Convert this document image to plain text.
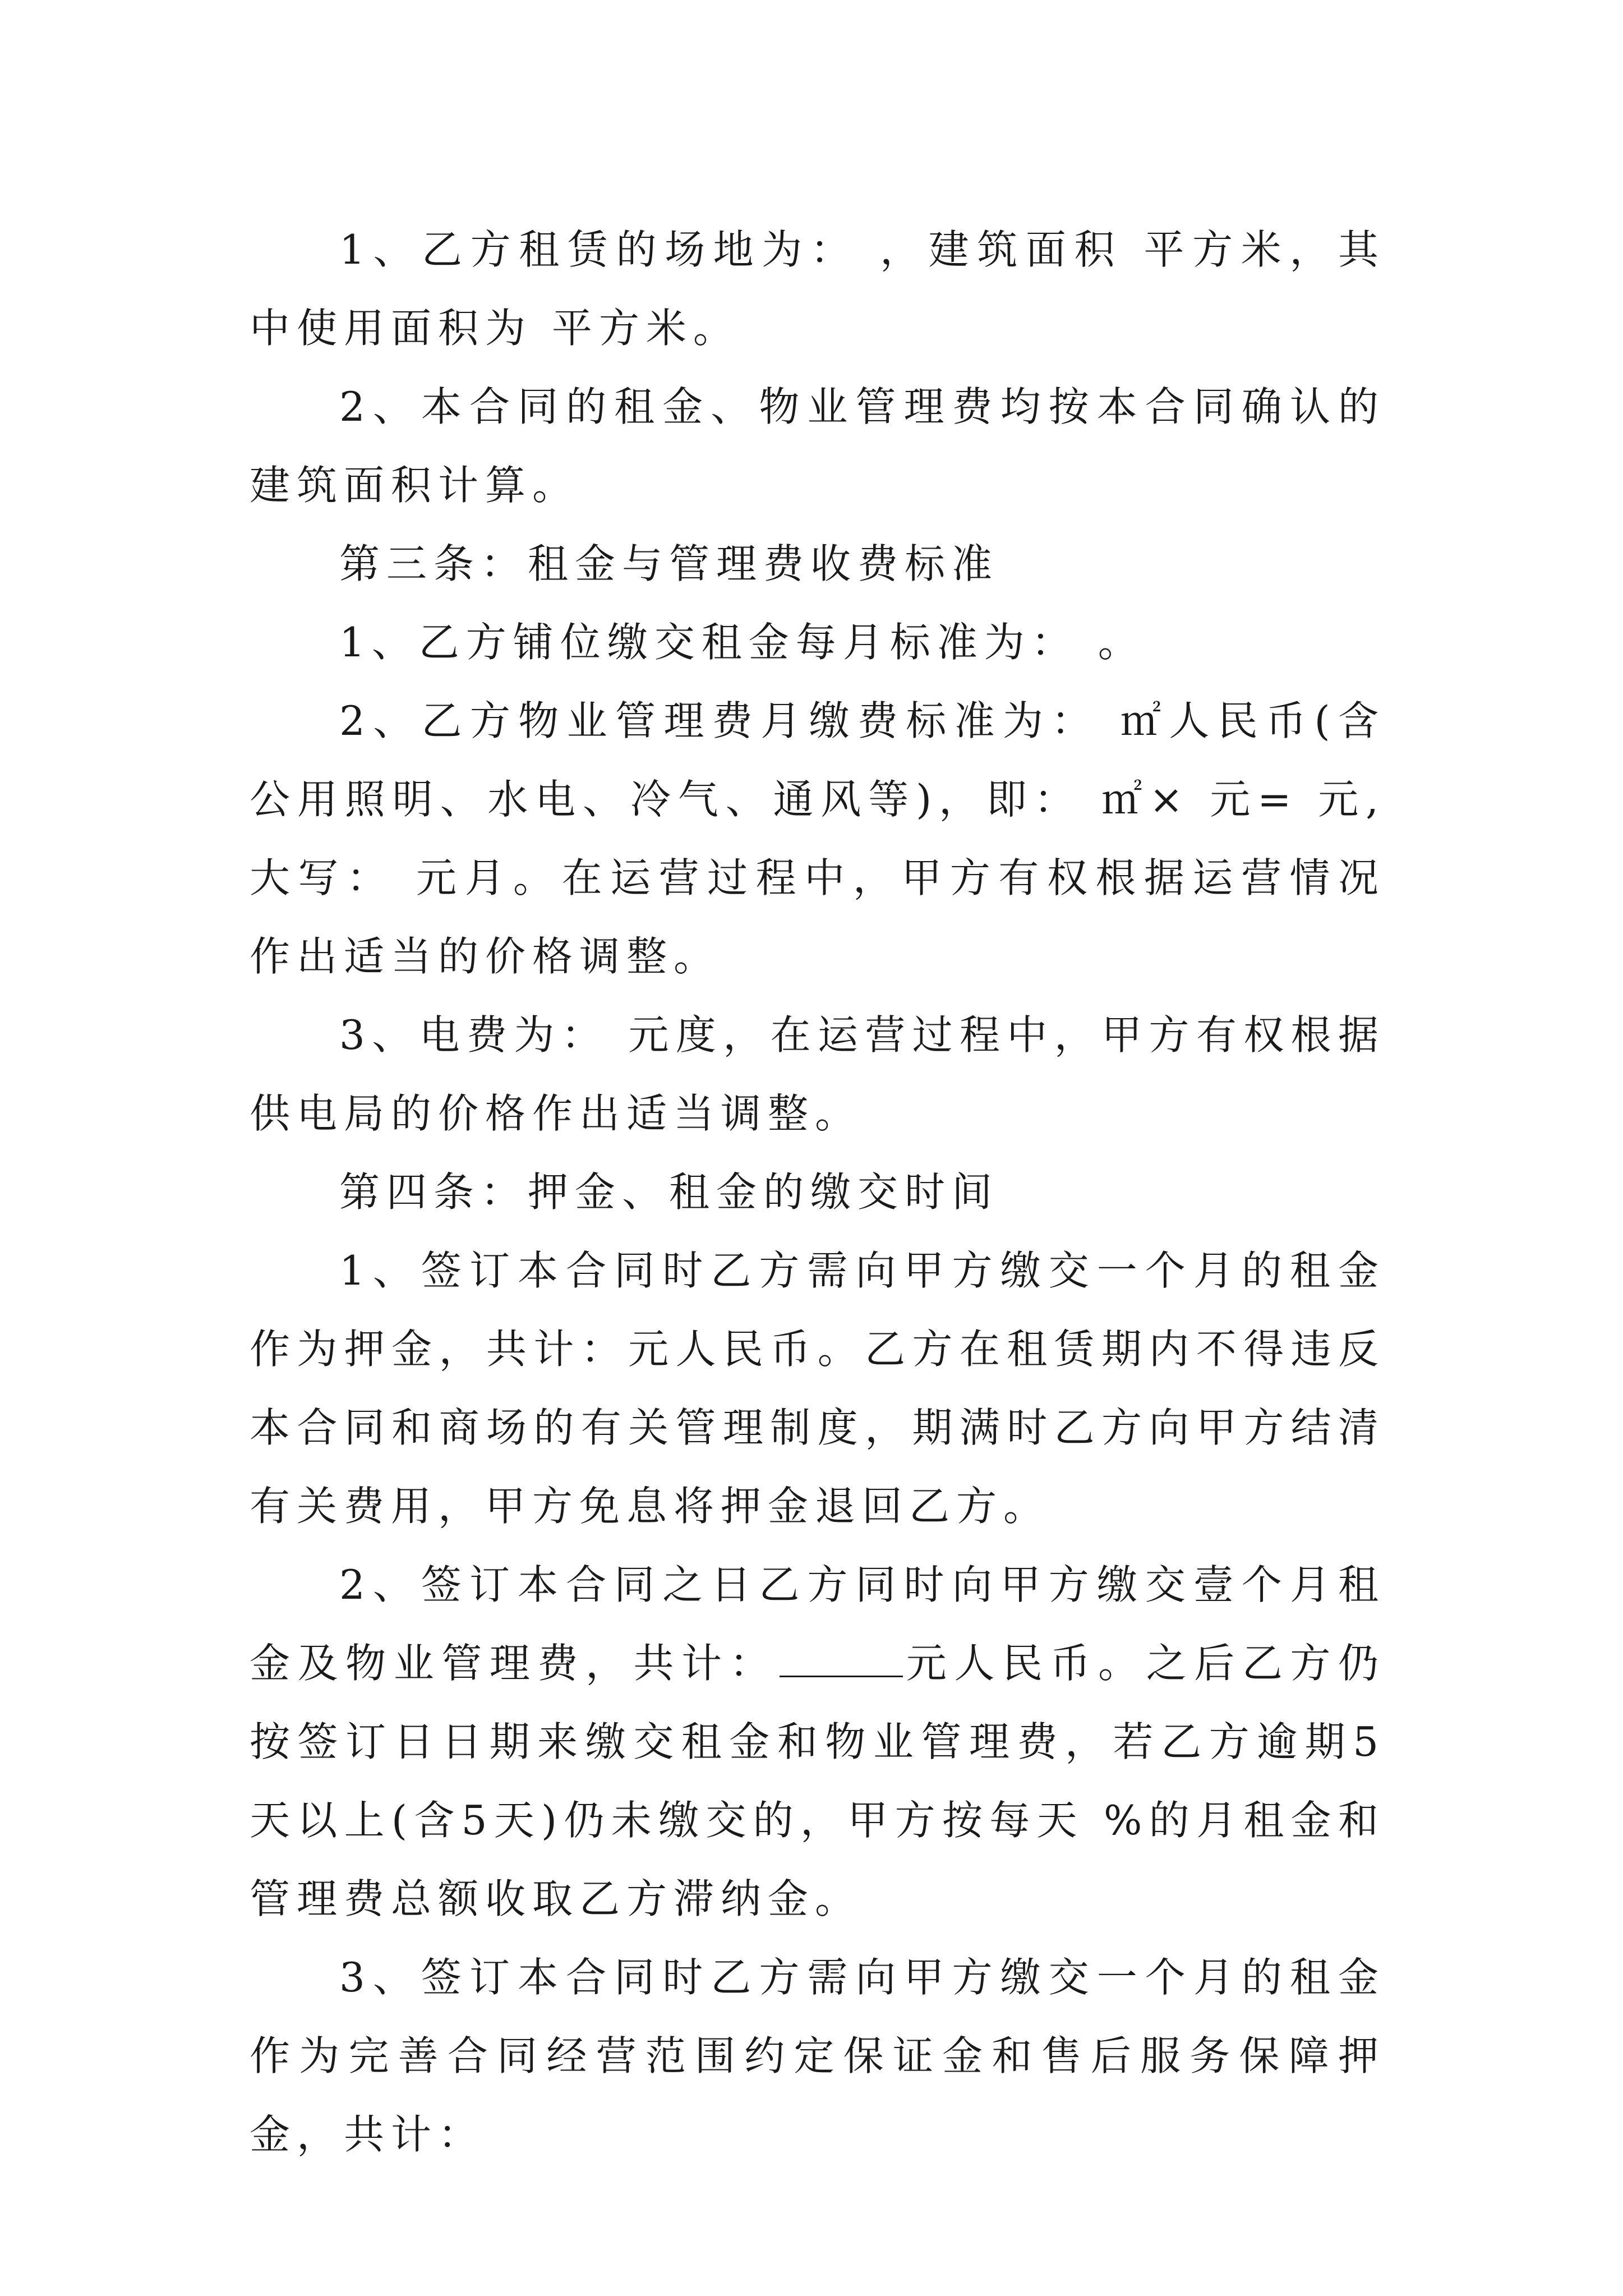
1、乙方租赁的场地为： ，建筑面积 平方米，其中使用面积为 平方米。

2、本合同的租金、物业管理费均按本合同确认的建筑面积计算。

第三条：租金与管理费收费标准

1、乙方铺位缴交租金每月标准为： 。

2、乙方物业管理费月缴费标准为： ㎡人民币(含公用照明、水电、冷气、通风等)，即： ㎡× 元= 元,大写： 元月。在运营过程中，甲方有权根据运营情况作出适当的价格调整。

3、电费为： 元度，在运营过程中，甲方有权根据供电局的价格作出适当调整。

第四条：押金、租金的缴交时间

1、签订本合同时乙方需向甲方缴交一个月的租金作为押金，共计：元人民币。乙方在租赁期内不得违反本合同和商场的有关管理制度，期满时乙方向甲方结清有关费用，甲方免息将押金退回乙方。

2、签订本合同之日乙方同时向甲方缴交壹个月租金及物业管理费，共计：	元人民币。之后乙方仍按签订日日期来缴交租金和物业管理费，若乙方逾期5天以上(含5天)仍未缴交的，甲方按每天 %的月租金和管理费总额收取乙方滞纳金。

3、签订本合同时乙方需向甲方缴交一个月的租金作为完善合同经营范围约定保证金和售后服务保障押金，共计：
